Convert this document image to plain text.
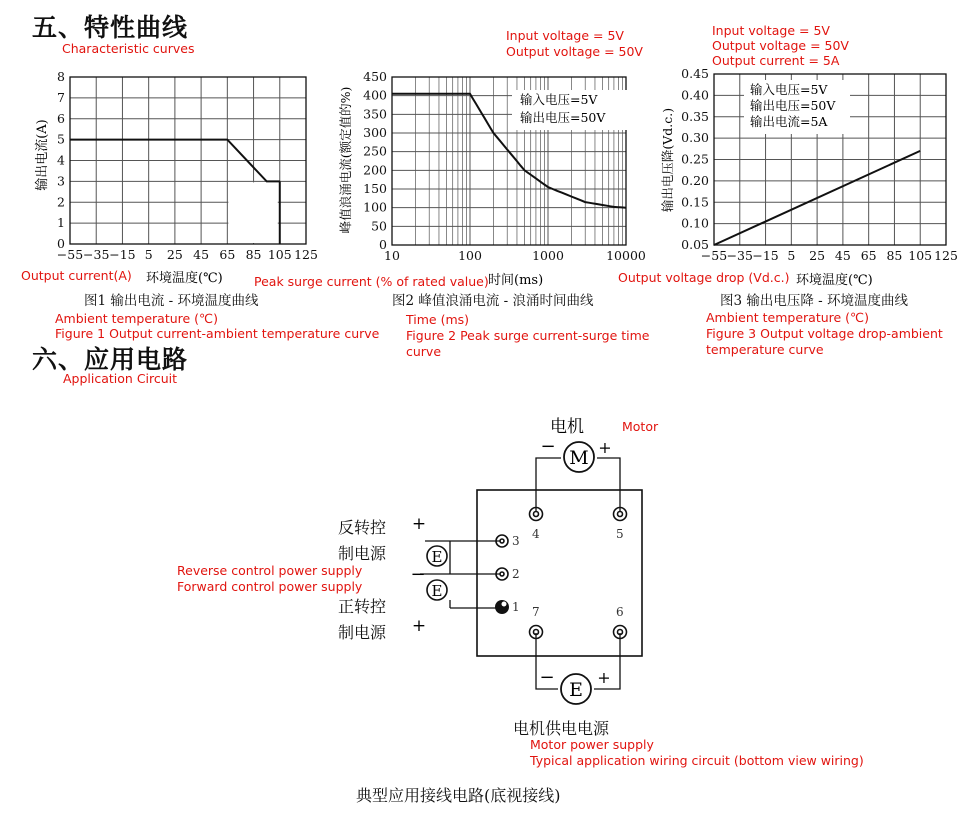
五、特性曲线
Characteristic curves
输出电流(A)
−55 −35 −15 5 25 45 65 85 105 125
0
1
2
3
4
5
6
7
8
环境温度(℃)
Output current(A)
图1 输出电流 - 环境温度曲线
Ambient temperature (℃)
Figure 1 Output current-ambient temperature curve
Input voltage = 5V
Output voltage = 50V
峰值浪涌电流(额定值的%)
10	100	1000	10000
0
50
100
150
200
250
300
350
400
450
输入电压=5V
输出电压=50V
时间(ms)
Peak surge current (% of rated value)
图2 峰值浪涌电流 - 浪涌时间曲线
Time (ms)
Figure 2 Peak surge current-surge time curve
Input voltage = 5V
Output voltage = 50V
Output current = 5A
输出电压降(Vd.c.)
−55 −35 −15 5 25 45 65 85 105 125
0.05
0.10
0.15
0.20
0.25
0.30
0.35
0.40
0.45
输入电压=5V
输出电压=50V
输出电流=5A
环境温度(℃)
Output voltage drop (Vd.c.)
图3 输出电压降 - 环境温度曲线
Ambient temperature (℃)
Figure 3 Output voltage drop-ambient temperature curve
六、应用电路
Application Circuit
4	5
3
2
1 7	6
M
−	+
电机
E
−	+
E
E
+
−
+
反转控
制电源
正转控
制电源
Reverse control power supply
Forward control power supply
Motor
电机供电电源
Motor power supply
Typical application wiring circuit (bottom view wiring)
典型应用接线电路(底视接线)
